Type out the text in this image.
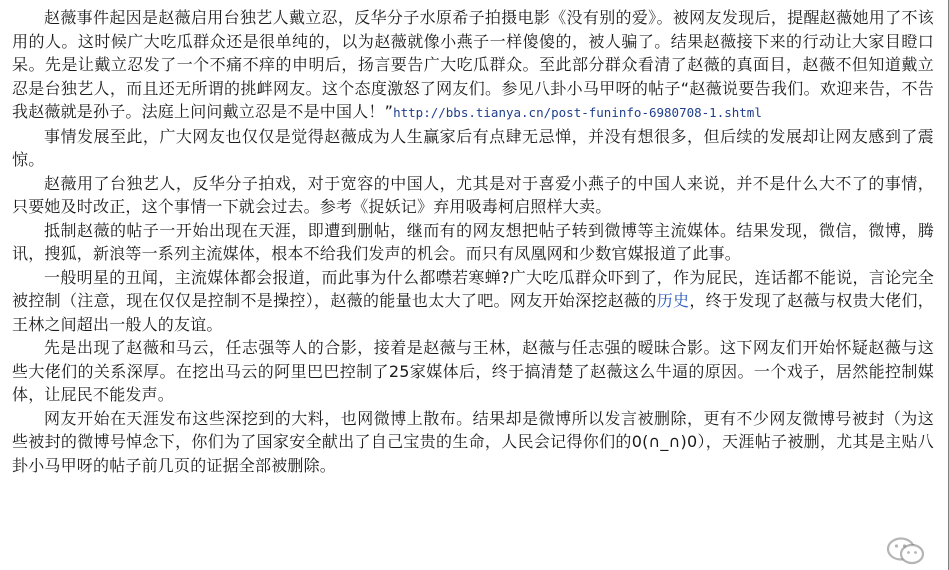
赵薇事件起因是赵薇启用台独艺人戴立忍，反华分子水原希子拍摄电影《没有别的爱》。被网友发现后，提醒赵薇她用了不该用的人。这时候广大吃瓜群众还是很单纯的，以为赵薇就像小燕子一样傻傻的，被人骗了。结果赵薇接下来的行动让大家目瞪口呆。先是让戴立忍发了一个不痛不痒的申明后，扬言要告广大吃瓜群众。至此部分群众看清了赵薇的真面目，赵薇不但知道戴立忍是台独艺人，而且还无所谓的挑衅网友。这个态度激怒了网友们。参见八卦小马甲呀的帖子“赵薇说要告我们。欢迎来告，不告我赵薇就是孙子。法庭上问问戴立忍是不是中国人！”http://bbs.tianya.cn/post-funinfo-6980708-1.shtml

事情发展至此，广大网友也仅仅是觉得赵薇成为人生赢家后有点肆无忌惮，并没有想很多，但后续的发展却让网友感到了震惊。

赵薇用了台独艺人，反华分子拍戏，对于宽容的中国人，尤其是对于喜爱小燕子的中国人来说，并不是什么大不了的事情，只要她及时改正，这个事情一下就会过去。参考《捉妖记》弃用吸毒柯启照样大卖。

抵制赵薇的帖子一开始出现在天涯，即遭到删帖，继而有的网友想把帖子转到微博等主流媒体。结果发现，微信，微博，腾讯，搜狐，新浪等一系列主流媒体，根本不给我们发声的机会。而只有凤凰网和少数官媒报道了此事。

一般明星的丑闻，主流媒体都会报道，而此事为什么都噤若寒蝉?广大吃瓜群众吓到了，作为屁民，连话都不能说，言论完全被控制（注意，现在仅仅是控制不是操控），赵薇的能量也太大了吧。网友开始深挖赵薇的历史，终于发现了赵薇与权贵大佬们，王林之间超出一般人的友谊。

先是出现了赵薇和马云，任志强等人的合影，接着是赵薇与王林，赵薇与任志强的暧昧合影。这下网友们开始怀疑赵薇与这些大佬们的关系深厚。在挖出马云的阿里巴巴控制了25家媒体后，终于搞清楚了赵薇这么牛逼的原因。一个戏子，居然能控制媒体，让屁民不能发声。

网友开始在天涯发布这些深挖到的大料，也网微博上散布。结果却是微博所以发言被删除，更有不少网友微博号被封（为这些被封的微博号悼念下，你们为了国家安全献出了自己宝贵的生命，人民会记得你们的0(∩_∩)0），天涯帖子被删，尤其是主贴八卦小马甲呀的帖子前几页的证据全部被删除。
